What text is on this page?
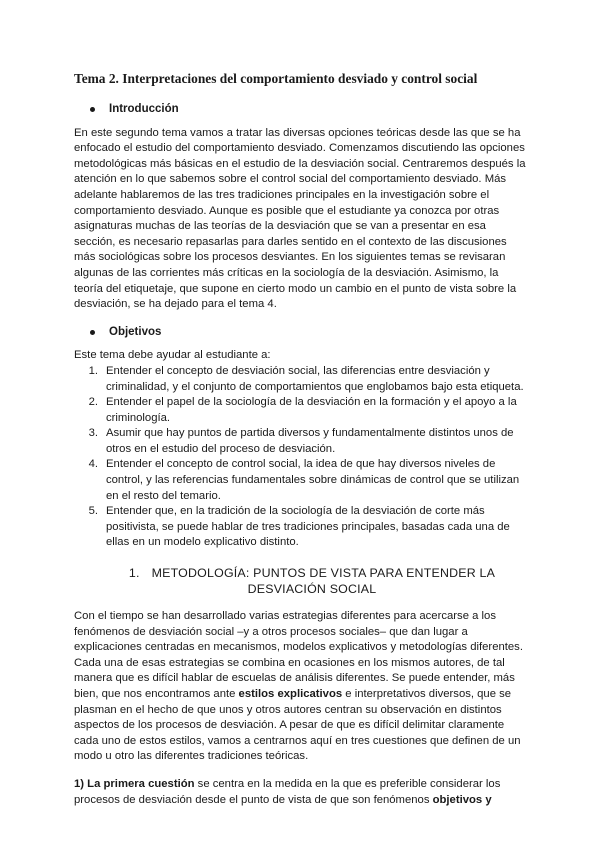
Tema 2. Interpretaciones del comportamiento desviado y control social
Introducción

En este segundo tema vamos a tratar las diversas opciones teóricas desde las que se ha enfocado el estudio del comportamiento desviado. Comenzamos discutiendo las opciones metodológicas más básicas en el estudio de la desviación social. Centraremos después la atención en lo que sabemos sobre el control social del comportamiento desviado. Más adelante hablaremos de las tres tradiciones principales en la investigación sobre el comportamiento desviado. Aunque es posible que el estudiante ya conozca por otras asignaturas muchas de las teorías de la desviación que se van a presentar en esa sección, es necesario repasarlas para darles sentido en el contexto de las discusiones más sociológicas sobre los procesos desviantes. En los siguientes temas se revisaran algunas de las corrientes más críticas en la sociología de la desviación. Asimismo, la teoría del etiquetaje, que supone en cierto modo un cambio en el punto de vista sobre la desviación, se ha dejado para el tema 4.

Objetivos

Este tema debe ayudar al estudiante a:

1. Entender el concepto de desviación social, las diferencias entre desviación y criminalidad, y el conjunto de comportamientos que englobamos bajo esta etiqueta.
2. Entender el papel de la sociología de la desviación en la formación y el apoyo a la criminología.
3. Asumir que hay puntos de partida diversos y fundamentalmente distintos unos de otros en el estudio del proceso de desviación.
4. Entender el concepto de control social, la idea de que hay diversos niveles de control, y las referencias fundamentales sobre dinámicas de control que se utilizan en el resto del temario.
5. Entender que, en la tradición de la sociología de la desviación de corte más positivista, se puede hablar de tres tradiciones principales, basadas cada una de ellas en un modelo explicativo distinto.
1. METODOLOGÍA: PUNTOS DE VISTA PARA ENTENDER LA DESVIACIÓN SOCIAL

Con el tiempo se han desarrollado varias estrategias diferentes para acercarse a los fenómenos de desviación social –y a otros procesos sociales– que dan lugar a explicaciones centradas en mecanismos, modelos explicativos y metodologías diferentes. Cada una de esas estrategias se combina en ocasiones en los mismos autores, de tal manera que es difícil hablar de escuelas de análisis diferentes. Se puede entender, más bien, que nos encontramos ante estilos explicativos e interpretativos diversos, que se plasman en el hecho de que unos y otros autores centran su observación en distintos aspectos de los procesos de desviación. A pesar de que es difícil delimitar claramente cada uno de estos estilos, vamos a centrarnos aquí en tres cuestiones que definen de un modo u otro las diferentes tradiciones teóricas.

1) La primera cuestión se centra en la medida en la que es preferible considerar los procesos de desviación desde el punto de vista de que son fenómenos objetivos y
